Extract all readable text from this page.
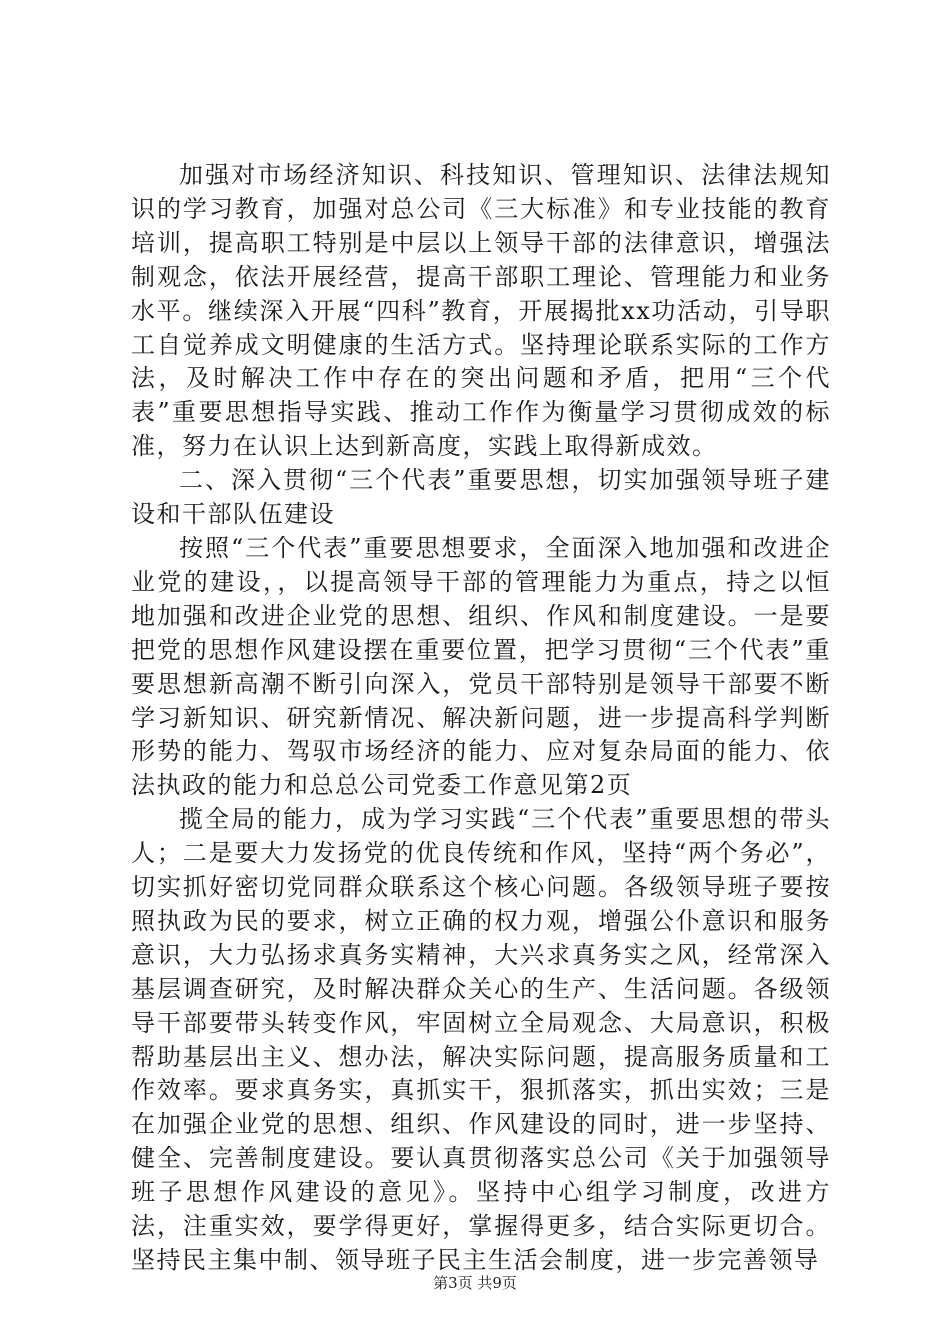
加强对市场经济知识、科技知识、管理知识、法律法规知识的学习教育，加强对总公司《三大标准》和专业技能的教育培训，提高职工特别是中层以上领导干部的法律意识，增强法制观念，依法开展经营，提高干部职工理论、管理能力和业务水平。继续深入开展“四科”教育，开展揭批xx功活动，引导职工自觉养成文明健康的生活方式。坚持理论联系实际的工作方法，及时解决工作中存在的突出问题和矛盾，把用“三个代表”重要思想指导实践、推动工作作为衡量学习贯彻成效的标准，努力在认识上达到新高度，实践上取得新成效。

二、深入贯彻“三个代表”重要思想，切实加强领导班子建设和干部队伍建设

按照“三个代表”重要思想要求，全面深入地加强和改进企业党的建设，，以提高领导干部的管理能力为重点，持之以恒地加强和改进企业党的思想、组织、作风和制度建设。一是要把党的思想作风建设摆在重要位置，把学习贯彻“三个代表”重要思想新高潮不断引向深入，党员干部特别是领导干部要不断学习新知识、研究新情况、解决新问题，进一步提高科学判断形势的能力、驾驭市场经济的能力、应对复杂局面的能力、依法执政的能力和总总公司党委工作意见第2页

揽全局的能力，成为学习实践“三个代表”重要思想的带头人；二是要大力发扬党的优良传统和作风，坚持“两个务必”，切实抓好密切党同群众联系这个核心问题。各级领导班子要按照执政为民的要求，树立正确的权力观，增强公仆意识和服务意识，大力弘扬求真务实精神，大兴求真务实之风，经常深入基层调查研究，及时解决群众关心的生产、生活问题。各级领导干部要带头转变作风，牢固树立全局观念、大局意识，积极帮助基层出主义、想办法，解决实际问题，提高服务质量和工作效率。要求真务实，真抓实干，狠抓落实，抓出实效；三是在加强企业党的思想、组织、作风建设的同时，进一步坚持、健全、完善制度建设。要认真贯彻落实总公司《关于加强领导班子思想作风建设的意见》。坚持中心组学习制度，改进方法，注重实效，要学得更好，掌握得更多，结合实际更切合。坚持民主集中制、领导班子民主生活会制度，进一步完善领导

第3页 共9页
